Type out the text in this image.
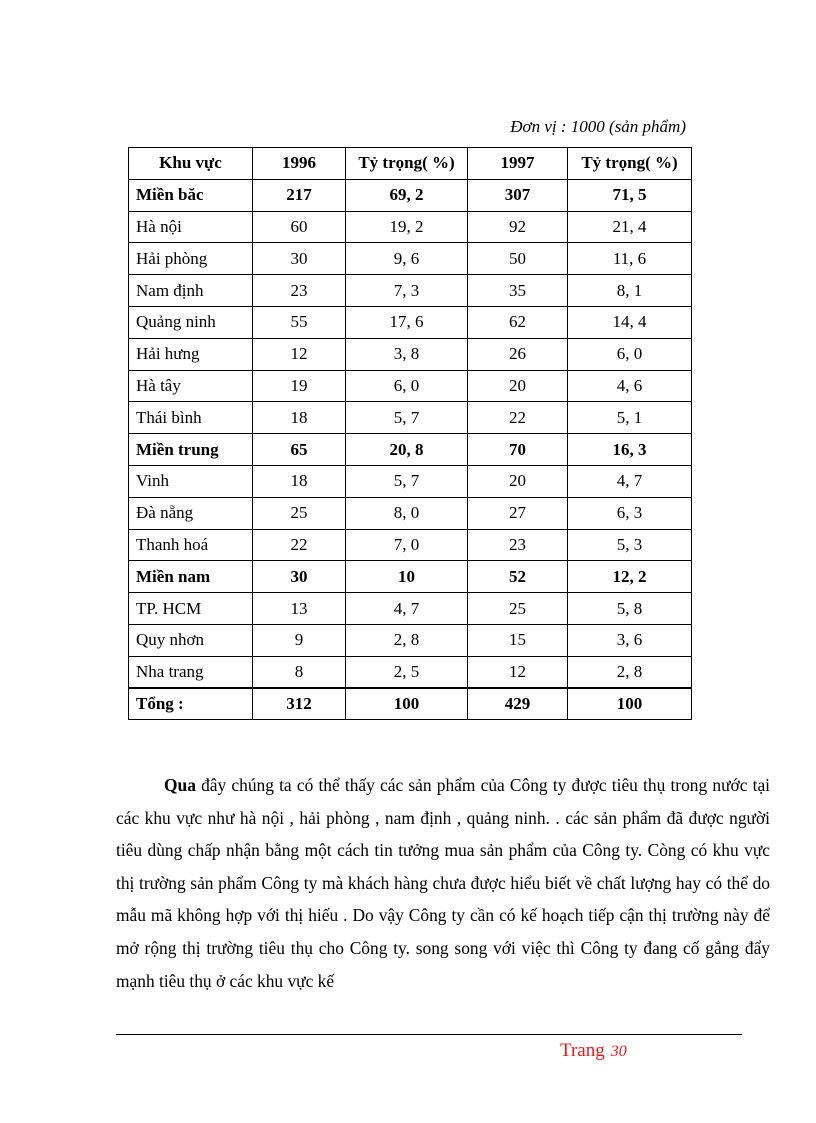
Đơn vị : 1000 (sản phẩm)
Khu vực	1996	Tỷ trọng( %)	1997	Tỷ trọng( %)
Miền băc	217	69, 2	307	71, 5
Hà nội	60	19, 2	92	21, 4
Hải phòng	30	9, 6	50	11, 6
Nam định	23	7, 3	35	8, 1
Quảng ninh	55	17, 6	62	14, 4
Hải hưng	12	3, 8	26	6, 0
Hà tây	19	6, 0	20	4, 6
Thái bình	18	5, 7	22	5, 1
Miền trung	65	20, 8	70	16, 3
Vinh	18	5, 7	20	4, 7
Đà nẵng	25	8, 0	27	6, 3
Thanh hoá	22	7, 0	23	5, 3
Miền nam	30	10	52	12, 2
TP. HCM	13	4, 7	25	5, 8
Quy nhơn	9	2, 8	15	3, 6
Nha trang	8	2, 5	12	2, 8
Tổng :	312	100	429	100
Qua đây chúng ta có thể thấy các sản phẩm của Công ty được tiêu thụ trong nước tại các khu vực như hà nội , hải phòng , nam định , quảng ninh. . các sản phẩm đã được người tiêu dùng chấp nhận bằng một cách tin tưởng mua sản phẩm của Công ty. Còng có khu vực thị trường sản phẩm Công ty mà khách hàng chưa được hiểu biết về chất lượng hay có thể do mẫu mã không hợp với thị hiếu . Do vậy Công ty cần có kế hoạch tiếp cận thị trường này để mở rộng thị trường tiêu thụ cho Công ty. song song với việc thì Công ty đang cố gắng đẩy mạnh tiêu thụ ở các khu vực kế
Trang 30
